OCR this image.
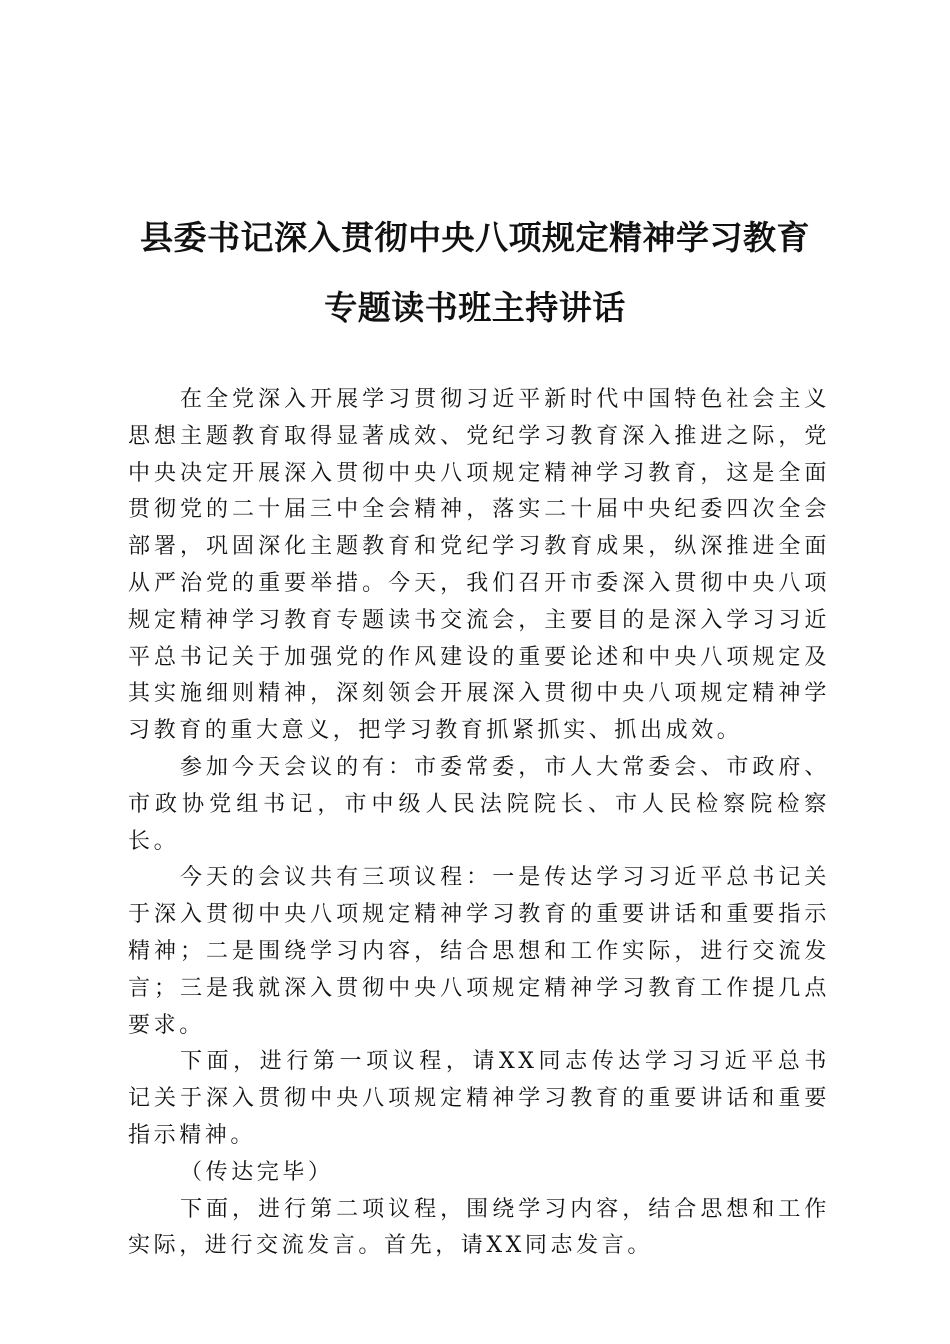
县委书记深入贯彻中央八项规定精神学习教育
专题读书班主持讲话

在全党深入开展学习贯彻习近平新时代中国特色社会主义思想主题教育取得显著成效、党纪学习教育深入推进之际，党中央决定开展深入贯彻中央八项规定精神学习教育，这是全面贯彻党的二十届三中全会精神，落实二十届中央纪委四次全会部署，巩固深化主题教育和党纪学习教育成果，纵深推进全面从严治党的重要举措。今天，我们召开市委深入贯彻中央八项规定精神学习教育专题读书交流会，主要目的是深入学习习近平总书记关于加强党的作风建设的重要论述和中央八项规定及其实施细则精神，深刻领会开展深入贯彻中央八项规定精神学习教育的重大意义，把学习教育抓紧抓实、抓出成效。

参加今天会议的有：市委常委，市人大常委会、市政府、市政协党组书记，市中级人民法院院长、市人民检察院检察长。

今天的会议共有三项议程：一是传达学习习近平总书记关于深入贯彻中央八项规定精神学习教育的重要讲话和重要指示精神；二是围绕学习内容，结合思想和工作实际，进行交流发言；三是我就深入贯彻中央八项规定精神学习教育工作提几点要求。

下面，进行第一项议程，请XX同志传达学习习近平总书记关于深入贯彻中央八项规定精神学习教育的重要讲话和重要指示精神。

（传达完毕）

下面，进行第二项议程，围绕学习内容，结合思想和工作实际，进行交流发言。首先，请XX同志发言。
